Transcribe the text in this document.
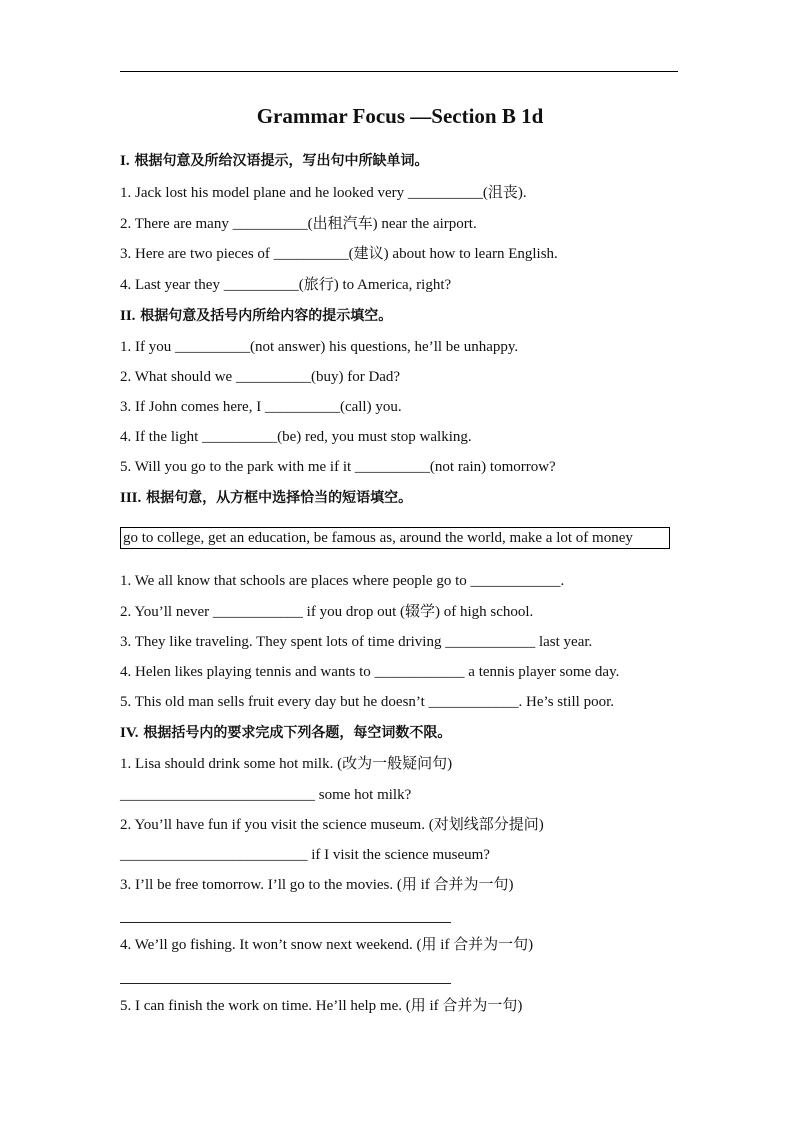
Grammar Focus —Section B 1d
I. 根据句意及所给汉语提示，写出句中所缺单词。
1. Jack lost his model plane and he looked very __________(沮丧).
2. There are many __________(出租汽车) near the airport.
3. Here are two pieces of __________(建议) about how to learn English.
4. Last year they __________(旅行) to America, right?
II. 根据句意及括号内所给内容的提示填空。
1. If you __________(not answer) his questions, he’ll be unhappy.
2. What should we __________(buy) for Dad?
3. If John comes here, I __________(call) you.
4. If the light __________(be) red, you must stop walking.
5. Will you go to the park with me if it __________(not rain) tomorrow?
III. 根据句意，从方框中选择恰当的短语填空。
go to college, get an education, be famous as, around the world, make a lot of money
1. We all know that schools are places where people go to ____________.
2. You’ll never ____________ if you drop out (辍学) of high school.
3. They like traveling. They spent lots of time driving ____________ last year.
4. Helen likes playing tennis and wants to ____________ a tennis player some day.
5. This old man sells fruit every day but he doesn’t ____________. He’s still poor.
IV. 根据括号内的要求完成下列各题，每空词数不限。
1. Lisa should drink some hot milk. (改为一般疑问句)
__________________________ some hot milk?
2. You’ll have fun if you visit the science museum. (对划线部分提问)
_________________________ if I visit the science museum?
3. I’ll be free tomorrow. I’ll go to the movies. (用 if 合并为一句)
4. We’ll go fishing. It won’t snow next weekend. (用 if 合并为一句)
5. I can finish the work on time. He’ll help me. (用 if 合并为一句)
